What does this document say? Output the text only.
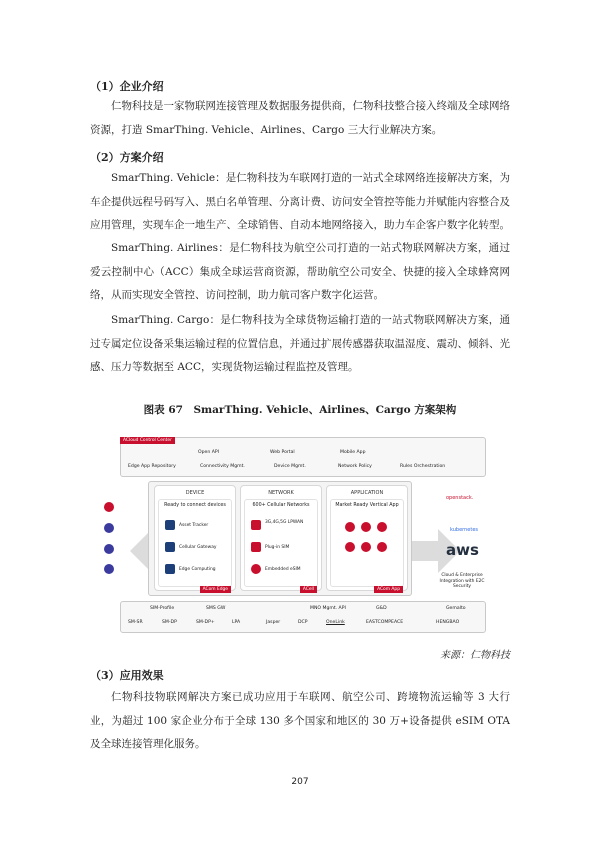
（1）企业介绍
仁物科技是一家物联网连接管理及数据服务提供商，仁物科技整合接入终端及全球网络资源，打造 SmarThing. Vehicle、Airlines、Cargo 三大行业解决方案。
（2）方案介绍
SmarThing. Vehicle：是仁物科技为车联网打造的一站式全球网络连接解决方案，为车企提供远程号码写入、黑白名单管理、分离计费、访问安全管控等能力并赋能内容整合及应用管理，实现车企一地生产、全球销售、自动本地网络接入，助力车企客户数字化转型。
SmarThing. Airlines：是仁物科技为航空公司打造的一站式物联网解决方案，通过爱云控制中心（ACC）集成全球运营商资源，帮助航空公司安全、快捷的接入全球蜂窝网络，从而实现安全管控、访问控制，助力航司客户数字化运营。
SmarThing. Cargo：是仁物科技为全球货物运输打造的一站式物联网解决方案，通过专属定位设备采集运输过程的位置信息，并通过扩展传感器获取温湿度、震动、倾斜、光感、压力等数据至 ACC，实现货物运输过程监控及管理。
图表 67　SmarThing. Vehicle、Airlines、Cargo 方案架构
ACloud Control Center
Open API	Web Portal	Mobile App
Edge App Repository	Connectivity Mgmt.	Device Mgmt.	Network Policy	Rules Orchestration
DEVICE
Ready to connect devices
Asset Tracker
Cellular Gateway
Edge Computing
ACom Edge
NETWORK
600+ Cellular Networks
3G,4G,5G LPWAN
Plug-in SIM
Embedded eSIM
ACell
APPLICATION
Market Ready Vertical App
ACom App
openstack.
kubernetes
aws
Cloud & Enterprise Integration with E2C Security
SIM-Profile	SMS GW	MNO Mgmt. API	G&D	Gemalto
SM-SR	SM-DP	SM-DP+	LPA	Jasper	DCP	OneLink	EASTCOMPEACE	HENGBAO
来源：仁物科技
（3）应用效果
仁物科技物联网解决方案已成功应用于车联网、航空公司、跨境物流运输等 3 大行业，为超过 100 家企业分布于全球 130 多个国家和地区的 30 万+设备提供 eSIM OTA 及全球连接管理化服务。
207
